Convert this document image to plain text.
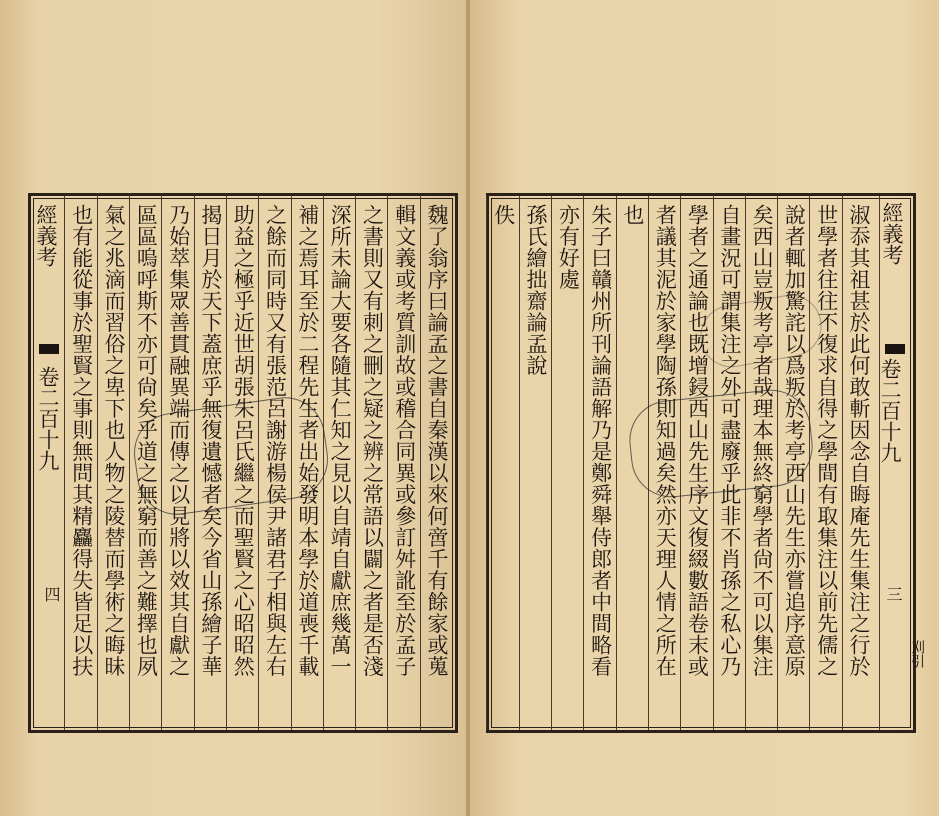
經義考
卷二百十九
四	魏了翁序曰論孟之書自秦漢以來何啻千有餘家或蒐
輯文義或考質訓故或稽合同異或參訂舛訛至於孟子
之書則又有刺之刪之疑之辨之常語以闢之者是否淺
深所未論大要各隨其仁知之見以自靖自獻庶幾萬一
補之焉耳至於二程先生者出始發明本學於道喪千載
之餘而同時又有張范呂謝游楊侯尹諸君子相與左右
助益之極乎近世胡張朱呂氏繼之而聖賢之心昭昭然
揭日月於天下蓋庶乎無復遺憾者矣今省山孫繪子華
乃始萃集眾善貫融異端而傳之以見將以效其自獻之
區區嗚呼斯不亦可尙矣乎道之無窮而善之難擇也夙
氣之兆滴而習俗之卑下也人物之陵替而學術之晦昧
也有能從事於聖賢之事則無問其精麤得失皆足以扶	淑忝其祖甚於此何敢斬因念自晦庵先生集注之行於
世學者往往不復求自得之學間有取集注以前先儒之
說者輒加驚詫以爲叛於考亭西山先生亦嘗追序意原
矣西山豈叛考亭者哉理本無終窮學者尙不可以集注
自畫況可謂集注之外可盡廢乎此非不肖孫之私心乃
學者之通論也既增鋟西山先生序文復綴數語卷末或
者議其泥於家學陶孫則知過矣然亦天理人情之所在
也
朱子曰贛州所刊論語解乃是鄭舜舉侍郎者中間略看
亦有好處
孫氏繪拙齋論孟說
佚	經義考
卷二百十九
三
刈引
